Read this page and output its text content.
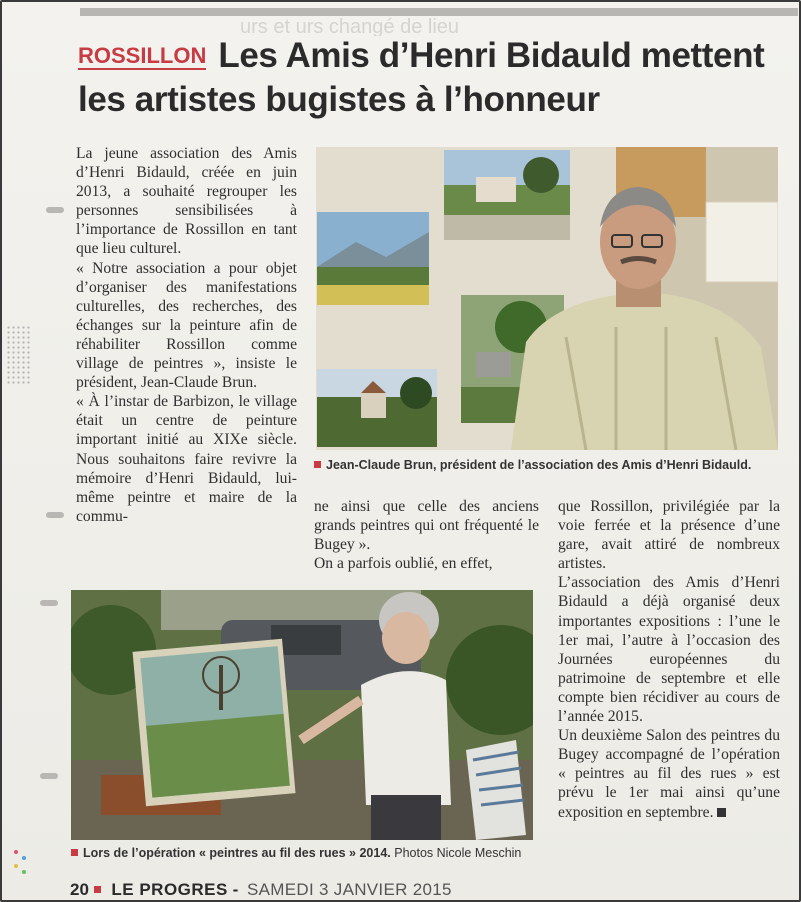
urs et urs changé de lieu
ROSSILLON Les Amis d’Henri Bidauld mettent les artistes bugistes à l’honneur

La jeune association des Amis d’Henri Bidauld, créée en juin 2013, a souhaité regrouper les personnes sensibilisées à l’importance de Rossillon en tant que lieu culturel.

« Notre association a pour objet d’organiser des manifestations culturelles, des recherches, des échanges sur la peinture afin de réhabiliter Rossillon comme village de peintres », insiste le président, Jean-Claude Brun.

« À l’instar de Barbizon, le village était un centre de peinture important initié au XIXe siècle. Nous souhaitons faire revivre la mémoire d’Henri Bidauld, lui-même peintre et maire de la commu-

Jean-Claude Brun, président de l’association des Amis d’Henri Bidauld.

ne ainsi que celle des anciens grands peintres qui ont fréquenté le Bugey ».

On a parfois oublié, en effet,

que Rossillon, privilégiée par la voie ferrée et la présence d’une gare, avait attiré de nombreux artistes.

L’association des Amis d’Henri Bidauld a déjà organisé deux importantes expositions : l’une le 1er mai, l’autre à l’occasion des Journées européennes du patrimoine de septembre et elle compte bien récidiver au cours de l’année 2015.

Un deuxième Salon des peintres du Bugey accompagné de l’opération « peintres au fil des rues » est prévu le 1er mai ainsi qu’une exposition en septembre.

Lors de l’opération « peintres au fil des rues » 2014. Photos Nicole Meschin
20 LE PROGRES - SAMEDI 3 JANVIER 2015
